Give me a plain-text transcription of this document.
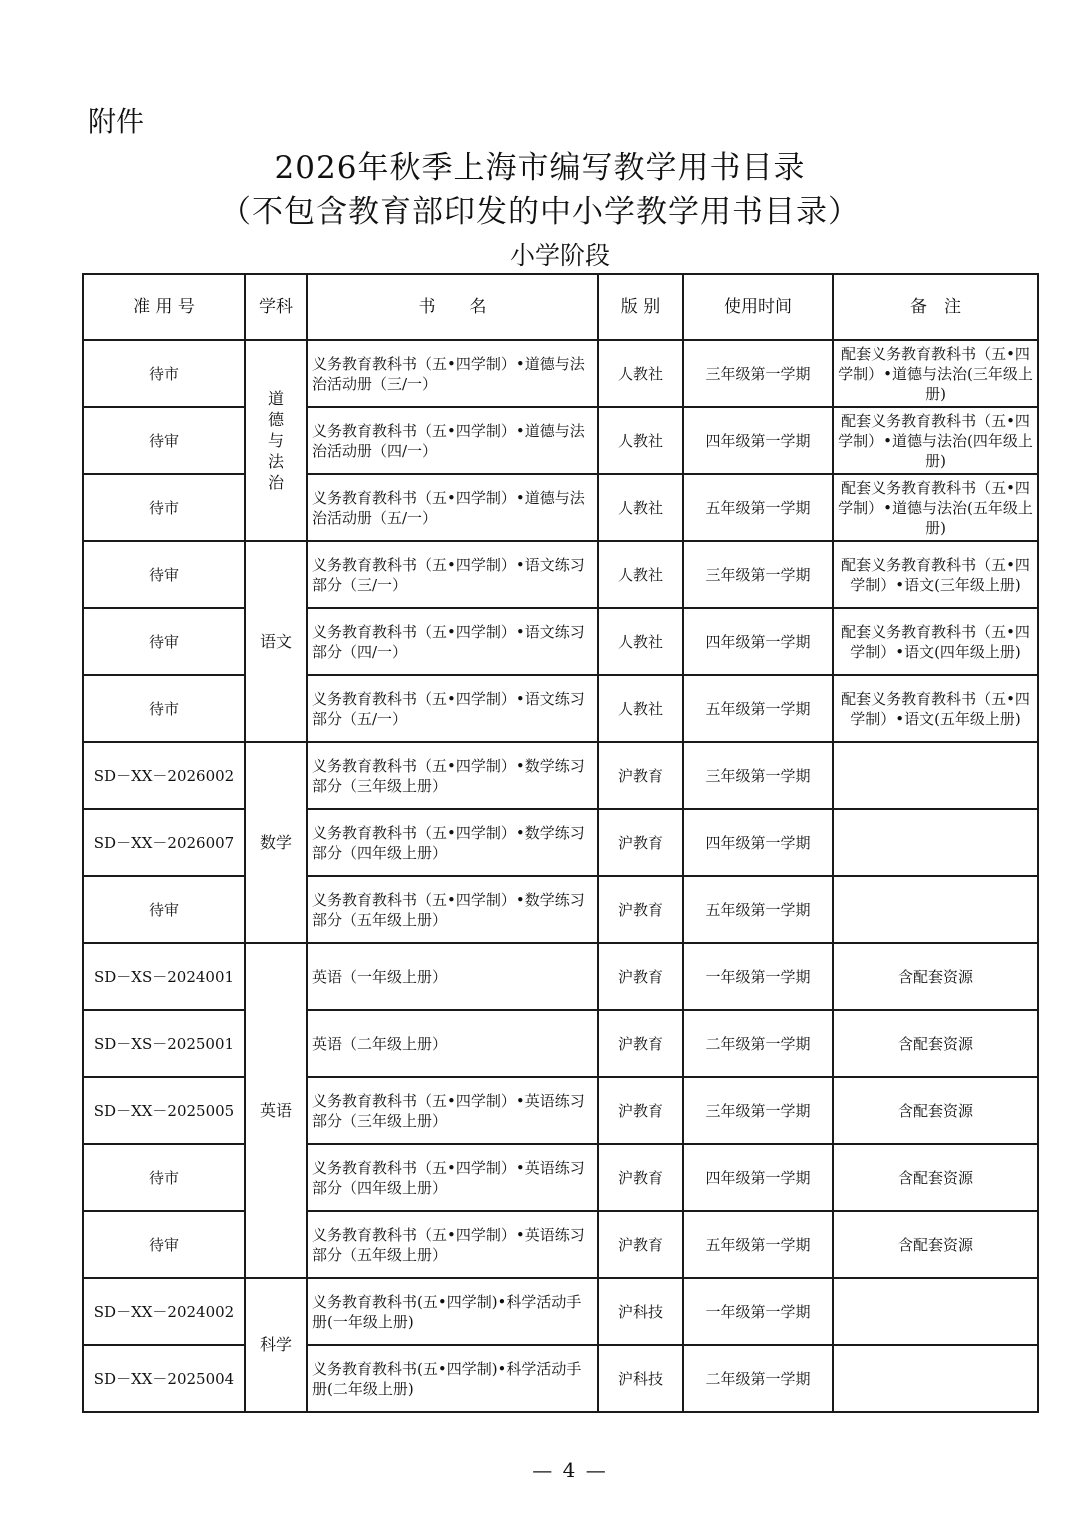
附件
2026年秋季上海市编写教学用书目录
（不包含教育部印发的中小学教学用书目录）
小学阶段
准 用 号	学科	书　　名	版 别	使用时间	备　注
待市	道德与法治	义务教育教科书（五•四学制）•道德与法治活动册（三/一）	人教社	三年级第一学期	配套义务教育教科书（五•四学制）•道德与法治(三年级上册)
待审		义务教育教科书（五•四学制）•道德与法治活动册（四/一）	人教社	四年级第一学期	配套义务教育教科书（五•四学制）•道德与法治(四年级上册)
待市		义务教育教科书（五•四学制）•道德与法治活动册（五/一）	人教社	五年级第一学期	配套义务教育教科书（五•四学制）•道德与法治(五年级上册)
待审	语文	义务教育教科书（五•四学制）•语文练习部分（三/一）	人教社	三年级第一学期	配套义务教育教科书（五•四学制）•语文(三年级上册)
待审		义务教育教科书（五•四学制）•语文练习部分（四/一）	人教社	四年级第一学期	配套义务教育教科书（五•四学制）•语文(四年级上册)
待市		义务教育教科书（五•四学制）•语文练习部分（五/一）	人教社	五年级第一学期	配套义务教育教科书（五•四学制）•语文(五年级上册)
SD－XX－2026002	数学	义务教育教科书（五•四学制）•数学练习部分（三年级上册）	沪教育	三年级第一学期	
SD－XX－2026007		义务教育教科书（五•四学制）•数学练习部分（四年级上册）	沪教育	四年级第一学期	
待审		义务教育教科书（五•四学制）•数学练习部分（五年级上册）	沪教育	五年级第一学期	
SD－XS－2024001	英语	英语（一年级上册）	沪教育	一年级第一学期	含配套资源
SD－XS－2025001		英语（二年级上册）	沪教育	二年级第一学期	含配套资源
SD－XX－2025005		义务教育教科书（五•四学制）•英语练习部分（三年级上册）	沪教育	三年级第一学期	含配套资源
待市		义务教育教科书（五•四学制）•英语练习部分（四年级上册）	沪教育	四年级第一学期	含配套资源
待审		义务教育教科书（五•四学制）•英语练习部分（五年级上册）	沪教育	五年级第一学期	含配套资源
SD－XX－2024002	科学	义务教育教科书(五•四学制)•科学活动手册(一年级上册)	沪科技	一年级第一学期	
SD－XX－2025004		义务教育教科书(五•四学制)•科学活动手册(二年级上册)	沪科技	二年级第一学期	
— 4 —
